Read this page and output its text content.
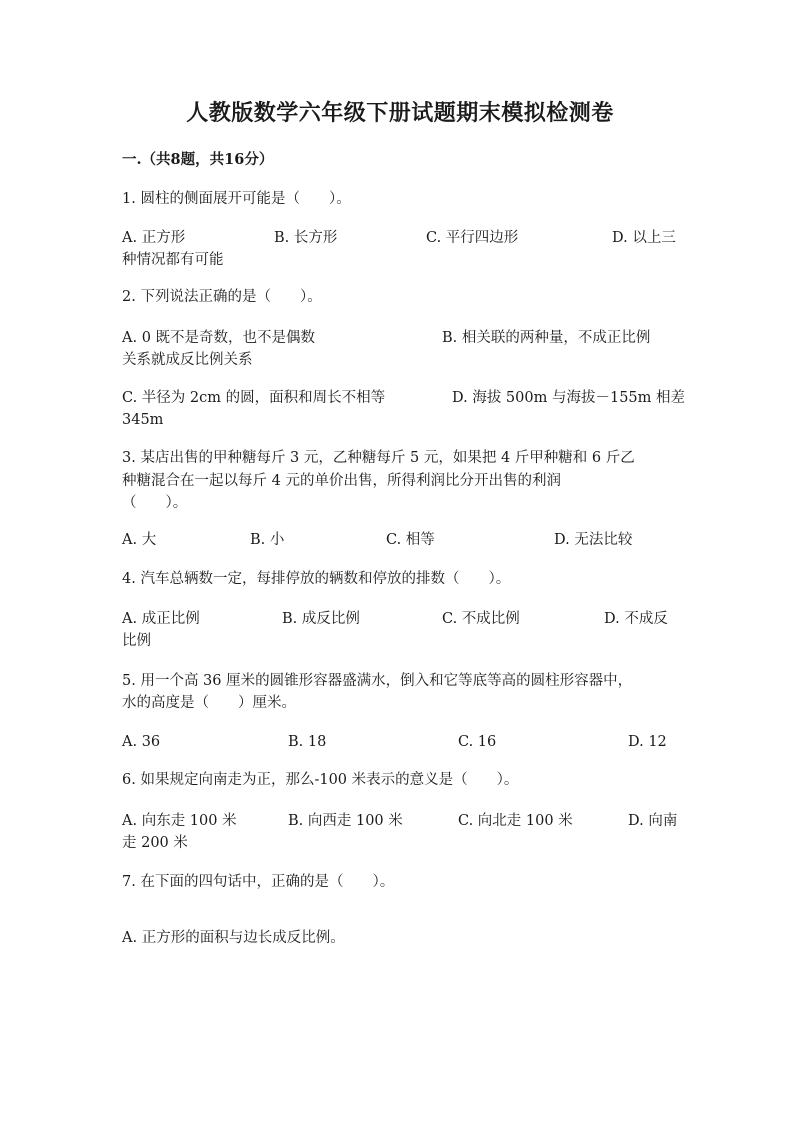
人教版数学六年级下册试题期末模拟检测卷
一.（共8题，共16分）
1. 圆柱的侧面展开可能是（　　）。
A. 正方形	B. 长方形	C. 平行四边形	D. 以上三
种情况都有可能
2. 下列说法正确的是（　　）。
A. 0 既不是奇数，也不是偶数	B. 相关联的两种量，不成正比例
关系就成反比例关系
C. 半径为 2cm 的圆，面积和周长不相等	D. 海拔 500m 与海拔－155m 相差
345m
3. 某店出售的甲种糖每斤 3 元，乙种糖每斤 5 元，如果把 4 斤甲种糖和 6 斤乙
种糖混合在一起以每斤 4 元的单价出售，所得利润比分开出售的利润
（　　）。
A. 大	B. 小	C. 相等	D. 无法比较
4. 汽车总辆数一定，每排停放的辆数和停放的排数（　　）。
A. 成正比例	B. 成反比例	C. 不成比例	D. 不成反
比例
5. 用一个高 36 厘米的圆锥形容器盛满水，倒入和它等底等高的圆柱形容器中，
水的高度是（　　）厘米。
A. 36	B. 18	C. 16	D. 12
6. 如果规定向南走为正，那么-100 米表示的意义是（　　）。
A. 向东走 100 米	B. 向西走 100 米	C. 向北走 100 米	D. 向南
走 200 米
7. 在下面的四句话中，正确的是（　　）。
A. 正方形的面积与边长成反比例。
